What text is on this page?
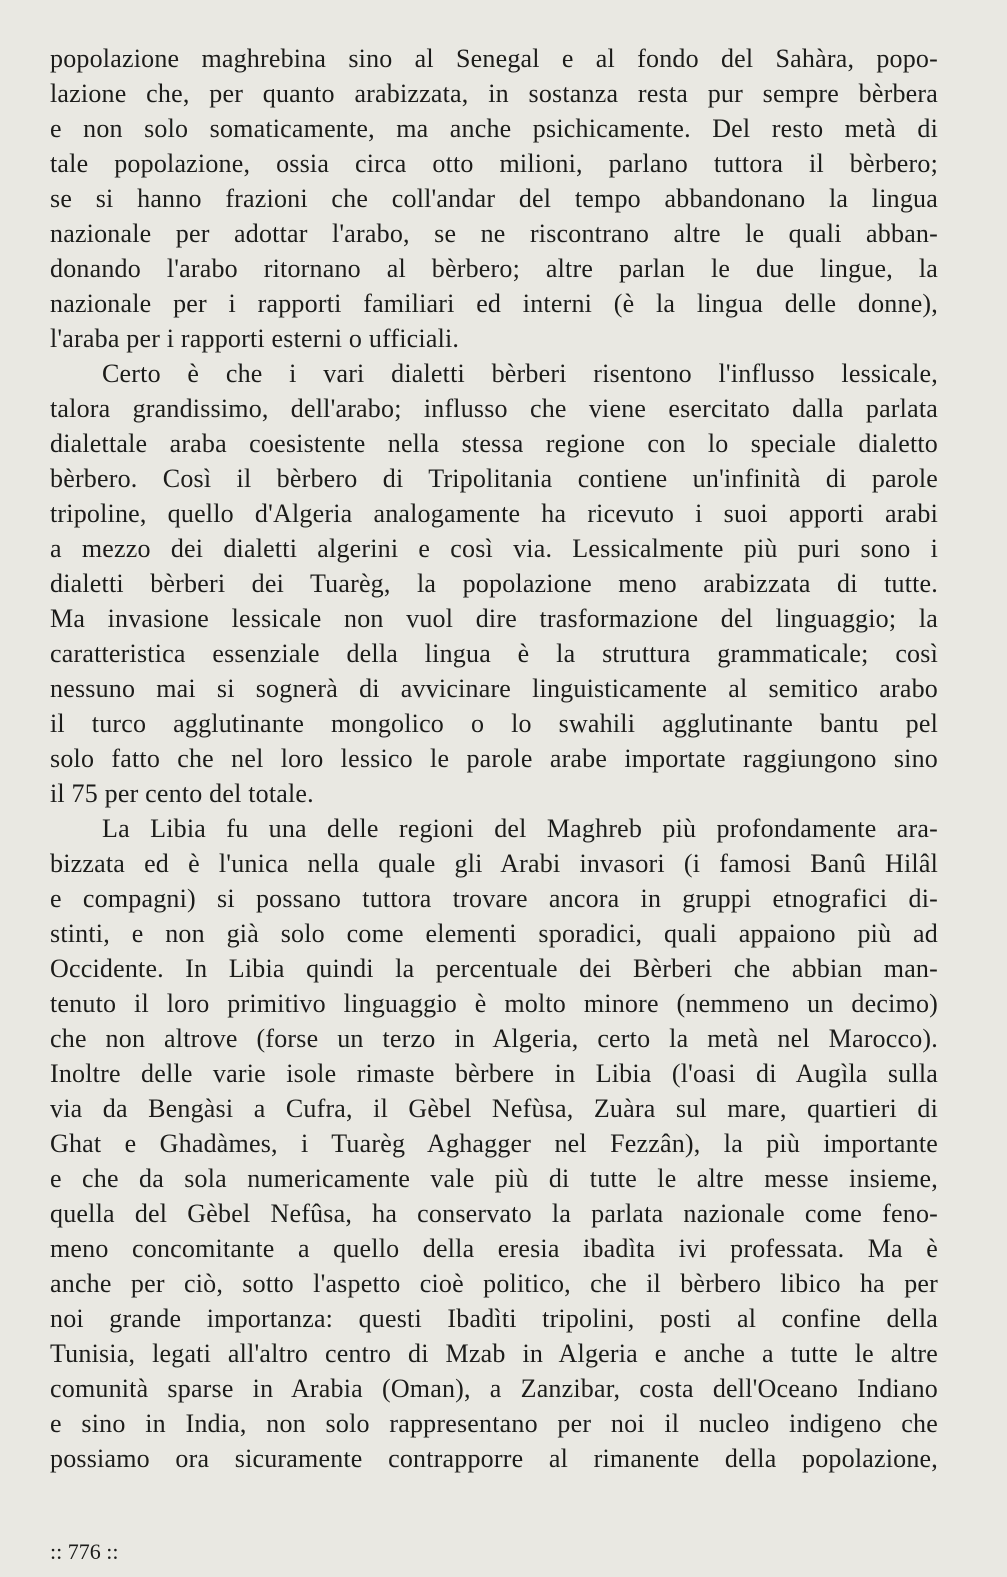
popolazione maghrebina sino al Senegal e al fondo del Sahàra, popo-
lazione che, per quanto arabizzata, in sostanza resta pur sempre bèrbera
e non solo somaticamente, ma anche psichicamente. Del resto metà di
tale popolazione, ossia circa otto milioni, parlano tuttora il bèrbero;
se si hanno frazioni che coll'andar del tempo abbandonano la lingua
nazionale per adottar l'arabo, se ne riscontrano altre le quali abban-
donando l'arabo ritornano al bèrbero; altre parlan le due lingue, la
nazionale per i rapporti familiari ed interni (è la lingua delle donne),
l'araba per i rapporti esterni o ufficiali.
Certo è che i vari dialetti bèrberi risentono l'influsso lessicale,
talora grandissimo, dell'arabo; influsso che viene esercitato dalla parlata
dialettale araba coesistente nella stessa regione con lo speciale dialetto
bèrbero. Così il bèrbero di Tripolitania contiene un'infinità di parole
tripoline, quello d'Algeria analogamente ha ricevuto i suoi apporti arabi
a mezzo dei dialetti algerini e così via. Lessicalmente più puri sono i
dialetti bèrberi dei Tuarèg, la popolazione meno arabizzata di tutte.
Ma invasione lessicale non vuol dire trasformazione del linguaggio; la
caratteristica essenziale della lingua è la struttura grammaticale; così
nessuno mai si sognerà di avvicinare linguisticamente al semitico arabo
il turco agglutinante mongolico o lo swahili agglutinante bantu pel
solo fatto che nel loro lessico le parole arabe importate raggiungono sino
il 75 per cento del totale.
La Libia fu una delle regioni del Maghreb più profondamente ara-
bizzata ed è l'unica nella quale gli Arabi invasori (i famosi Banû Hilâl
e compagni) si possano tuttora trovare ancora in gruppi etnografici di-
stinti, e non già solo come elementi sporadici, quali appaiono più ad
Occidente. In Libia quindi la percentuale dei Bèrberi che abbian man-
tenuto il loro primitivo linguaggio è molto minore (nemmeno un decimo)
che non altrove (forse un terzo in Algeria, certo la metà nel Marocco).
Inoltre delle varie isole rimaste bèrbere in Libia (l'oasi di Augìla sulla
via da Bengàsi a Cufra, il Gèbel Nefùsa, Zuàra sul mare, quartieri di
Ghat e Ghadàmes, i Tuarèg Aghagger nel Fezzân), la più importante
e che da sola numericamente vale più di tutte le altre messe insieme,
quella del Gèbel Nefûsa, ha conservato la parlata nazionale come feno-
meno concomitante a quello della eresia ibadìta ivi professata. Ma è
anche per ciò, sotto l'aspetto cioè politico, che il bèrbero libico ha per
noi grande importanza: questi Ibadìti tripolini, posti al confine della
Tunisia, legati all'altro centro di Mzab in Algeria e anche a tutte le altre
comunità sparse in Arabia (Oman), a Zanzibar, costa dell'Oceano Indiano
e sino in India, non solo rappresentano per noi il nucleo indigeno che
possiamo ora sicuramente contrapporre al rimanente della popolazione,
:: 776 ::
